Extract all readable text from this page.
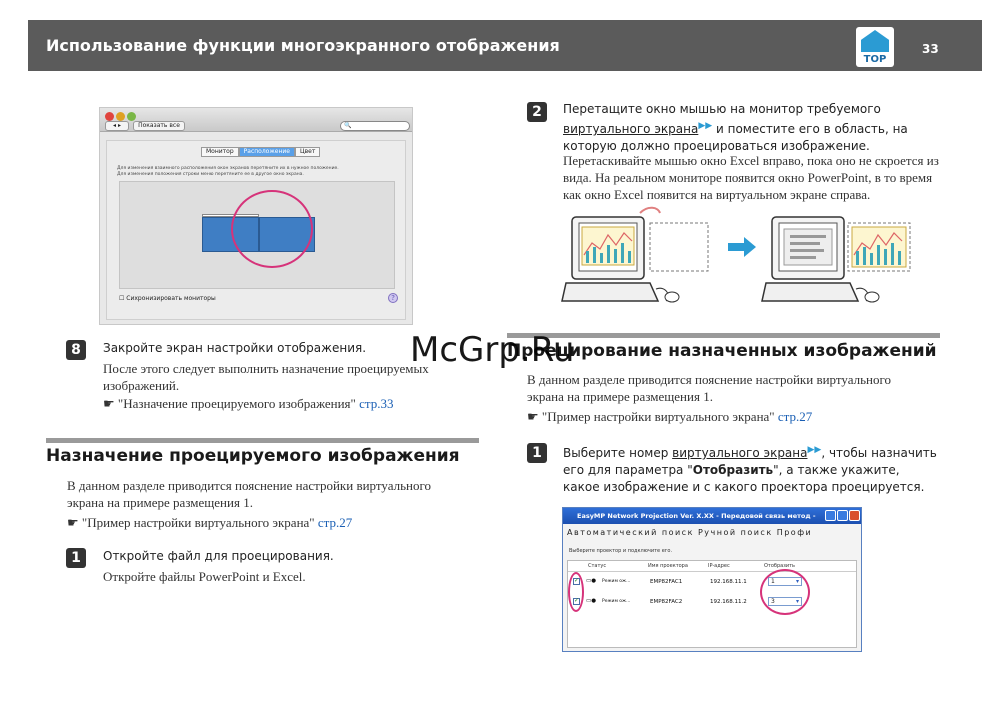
Использование функции многоэкранного отображения
TOP
33
◂ ▸	Показать все	🔍
Монитор	Расположение	Цвет
Для изменения взаимного расположения окон экранов перетяните их в нужное положение.
Для изменения положения строки меню перетяните ее в другое окно экрана.
☐ Сихронизировать мониторы	?
8	Закройте экран настройки отображения.
После этого следует выполнить назначение проецируемых изображений.
☛ "Назначение проецируемого изображения" стр.33
Назначение проецируемого изображения
В данном разделе приводится пояснение настройки виртуального экрана на примере размещения 1.
☛ "Пример настройки виртуального экрана" стр.27
1	Откройте файл для проецирования.
Откройте файлы PowerPoint и Excel.
2	Перетащите окно мышью на монитор требуемого виртуального экрана▶▶ и поместите его в область, на которую должно проецироваться изображение.
Перетаскивайте мышью окно Excel вправо, пока оно не скроется из вида. На реальном мониторе появится окно PowerPoint, в то время как окно Excel появится на виртуальном экране справа.
Проецирование назначенных изображений
В данном разделе приводится пояснение настройки виртуального экрана на примере размещения 1.
☛ "Пример настройки виртуального экрана" стр.27
1	Выберите номер виртуального экрана▶▶, чтобы назначить его для параметра "Отобразить", а также укажите, какое изображение и с какого проектора проецируется.
EasyMP Network Projection Ver. X.XX - Передовой связь метод -
Автоматический поиск Ручной поиск Профи
Выберите проектор и подключите его.
Статус	Имя проектора	IP-адрес	Отобразить
✓ ▭● Режим ож...	EMP82FAC1	192.168.11.1	1	▾
✓ ▭● Режим ож...	EMP82FAC2	192.168.11.2	3	▾
McGrp.Ru
